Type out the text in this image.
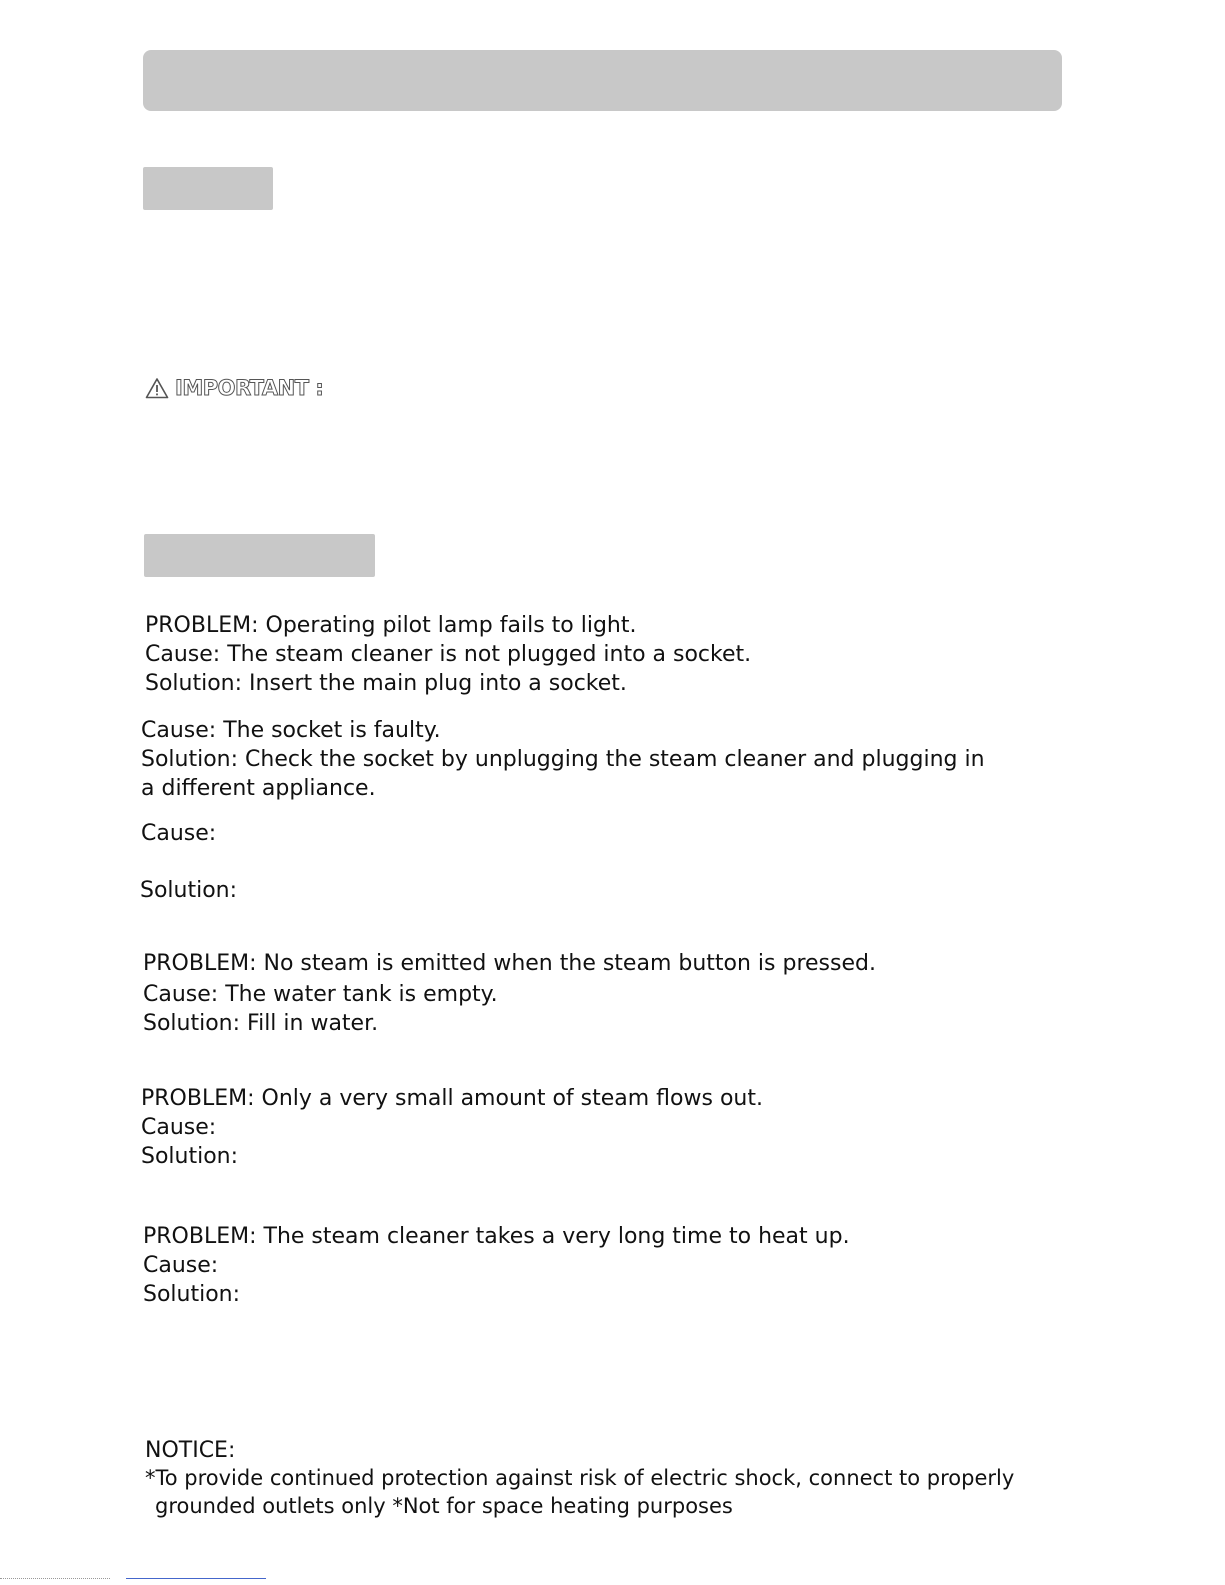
IMPORTANT :

PROBLEM: Operating pilot lamp fails to light.

Cause: The steam cleaner is not plugged into a socket.

Solution: Insert the main plug into a socket.

Cause: The socket is faulty.

Solution: Check the socket by unplugging the steam cleaner and plugging in

a different appliance.

Cause:

Solution:

PROBLEM: No steam is emitted when the steam button is pressed.

Cause: The water tank is empty.

Solution: Fill in water.

PROBLEM: Only a very small amount of steam flows out.

Cause:

Solution:

PROBLEM: The steam cleaner takes a very long time to heat up.

Cause:

Solution:

NOTICE:

*To provide continued protection against risk of electric shock, connect to properly

grounded outlets only *Not for space heating purposes
